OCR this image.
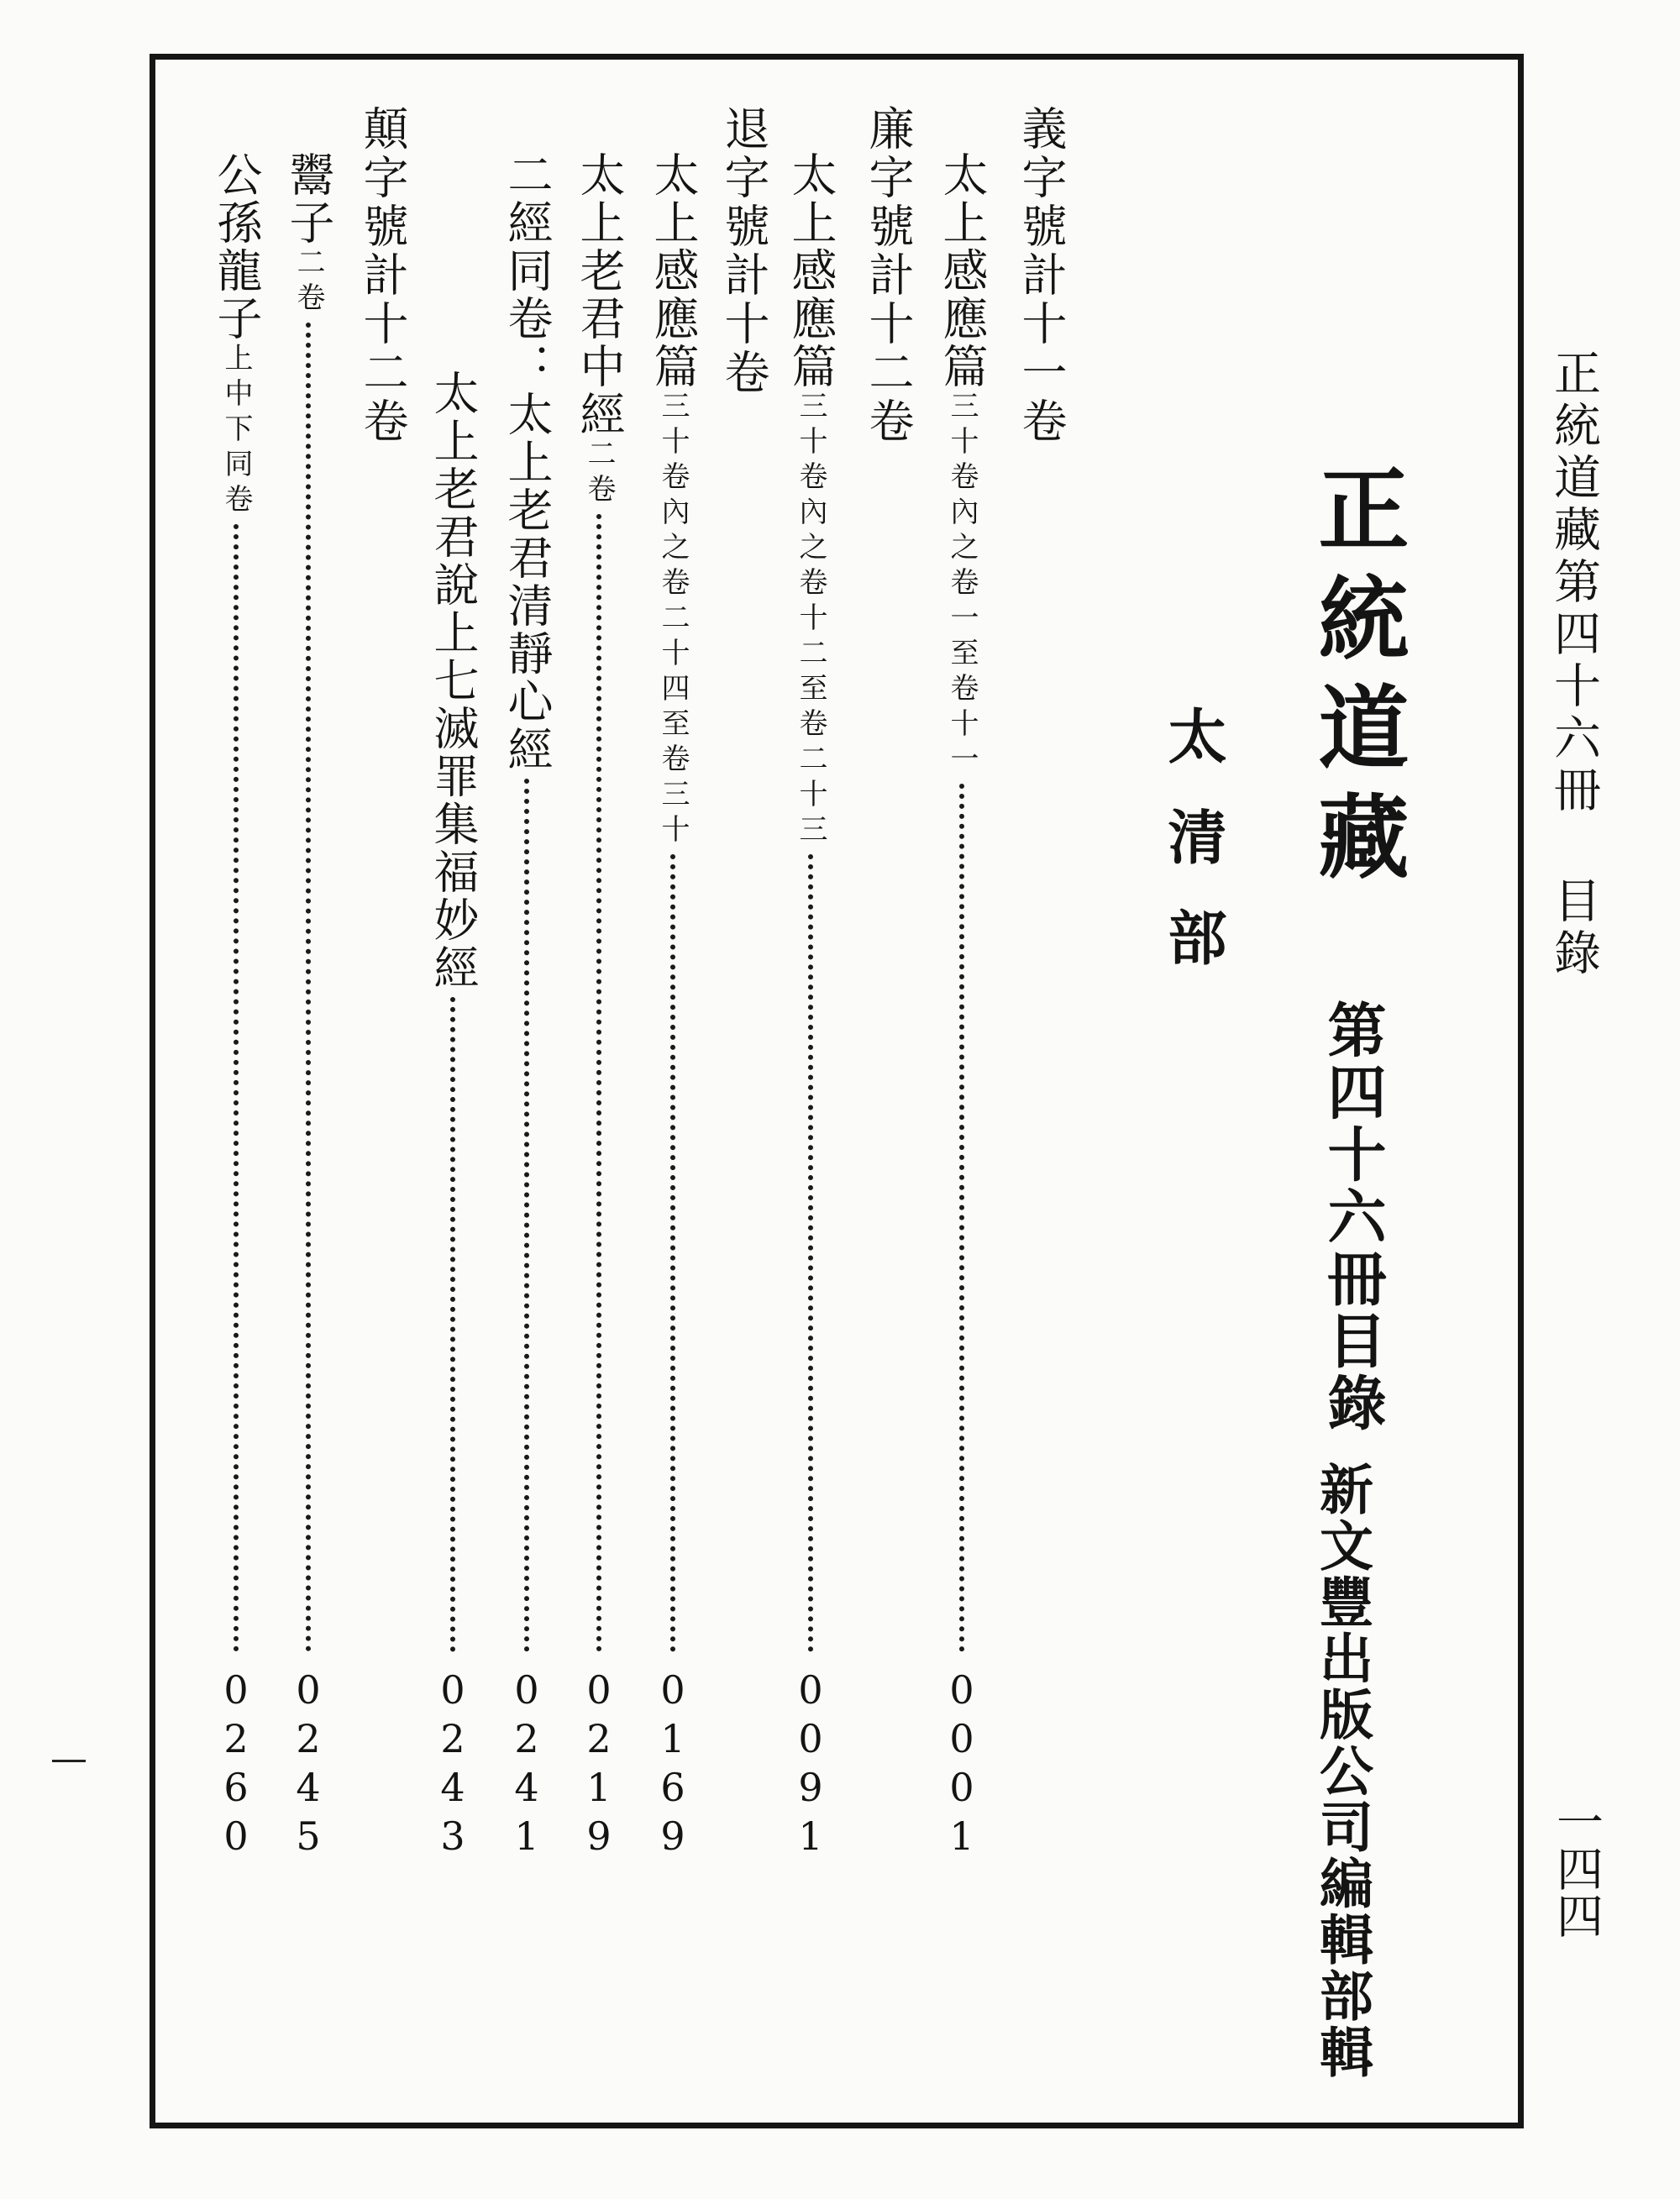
正統道藏第四十六冊目錄
一四四
正統道藏
第四十六冊目錄
新文豐出版公司編輯部輯
太清部
義字號計十一卷
太上感應篇
三十卷內之卷一至卷十一
0
0
0
1
廉字號計十二卷
太上感應篇
三十卷內之卷十二至卷二十三
0
0
9
1
退字號計十卷
太上感應篇
三十卷內之卷二十四至卷三十
0
1
6
9
太上老君中經
二卷
0
2
1
9
二經同卷：太上老君清靜心經
0
2
4
1
太上老君說上七滅罪集福妙經
0
2
4
3
顛字號計十二卷
鬻子
二卷
0
2
4
5
公孫龍子
上中下同卷
0
2
6
0
